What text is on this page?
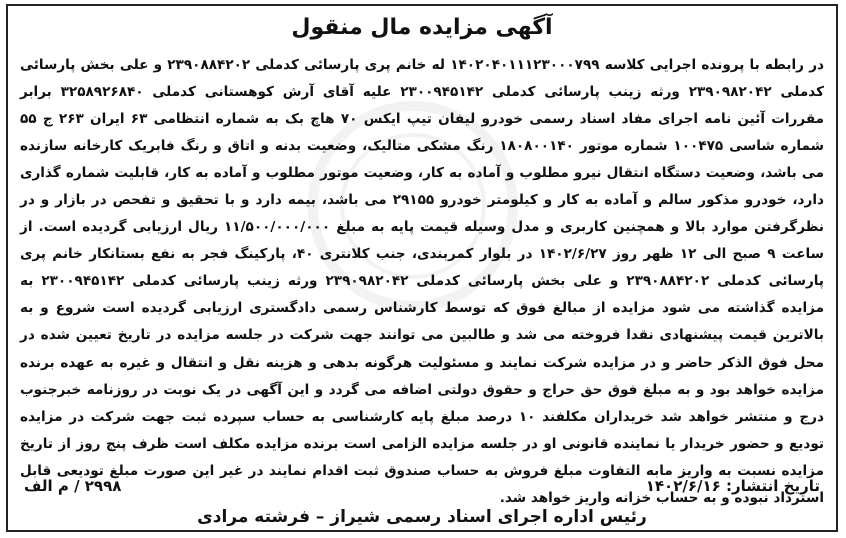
آگهی مزایده مال منقول
در رابطه با پرونده اجرایی کلاسه ۱۴۰۲۰۴۰۱۱۱۲۳۰۰۰۷۹۹ له خانم پری پارسائی کدملی ۲۳۹۰۸۸۴۲۰۲ و علی بخش پارسائی کدملی ۲۳۹۰۹۸۲۰۴۲ ورثه زینب پارسائی کدملی ۲۳۰۰۹۴۵۱۴۲ علیه آقای آرش کوهستانی کدملی ۳۲۵۸۹۲۶۸۴۰ برابر مقررات آئین نامه اجرای مفاد اسناد رسمی خودرو لیفان تیپ ایکس ۷۰ هاچ بک به شماره انتظامی ۶۳ ایران ۲۶۳ ج ۵۵ شماره شاسی ۱۰۰۴۷۵ شماره موتور ۱۸۰۸۰۰۱۴۰ رنگ مشکی متالیک، وضعیت بدنه و اتاق و رنگ فابریک کارخانه سازنده می باشد، وضعیت دستگاه انتقال نیرو مطلوب و آماده به کار، وضعیت موتور مطلوب و آماده به کار، قابلیت شماره گذاری دارد، خودرو مذکور سالم و آماده به کار و کیلومتر خودرو ۲۹۱۵۵ می باشد، بیمه دارد و با تحقیق و تفحص در بازار و در نظرگرفتن موارد بالا و همچنین کاربری و مدل وسیله قیمت پایه به مبلغ ۱۱/۵۰۰/۰۰۰/۰۰۰ ریال ارزیابی گردیده است. از ساعت ۹ صبح الی ۱۲ ظهر روز ۱۴۰۲/۶/۲۷ در بلوار کمربندی، جنب کلانتری ۴۰، پارکینگ فجر به نفع بستانکار خانم پری پارسائی کدملی ۲۳۹۰۸۸۴۲۰۲ و علی بخش پارسائی کدملی ۲۳۹۰۹۸۲۰۴۲ ورثه زینب پارسائی کدملی ۲۳۰۰۹۴۵۱۴۲ به مزایده گذاشته می شود مزایده از مبالغ فوق که توسط کارشناس رسمی دادگستری ارزیابی گردیده است شروع و به بالاترین قیمت پیشنهادی نقدا فروخته می شد و طالبین می توانند جهت شرکت در جلسه مزایده در تاریخ تعیین شده در محل فوق الذکر حاضر و در مزایده شرکت نمایند و مسئولیت هرگونه بدهی و هزینه نقل و انتقال و غیره به عهده برنده مزایده خواهد بود و به مبلغ فوق حق حراج و حقوق دولتی اضافه می گردد و این آگهی در یک نوبت در روزنامه خبرجنوب درج و منتشر خواهد شد خریداران مکلفند ۱۰ درصد مبلغ پایه کارشناسی به حساب سپرده ثبت جهت شرکت در مزایده تودیع و حضور خریدار یا نماینده قانونی او در جلسه مزایده الزامی است برنده مزایده مکلف است ظرف پنج روز از تاریخ مزایده نسبت به واریز مابه التفاوت مبلغ فروش به حساب صندوق ثبت اقدام نمایند در غیر این صورت مبلغ تودیعی قابل استرداد نبوده و به حساب خزانه واریز خواهد شد.
تاریخ انتشار: ۱۴۰۲/۶/۱۶
۲۹۹۸ / م الف
رئیس اداره اجرای اسناد رسمی شیراز – فرشته مرادی
